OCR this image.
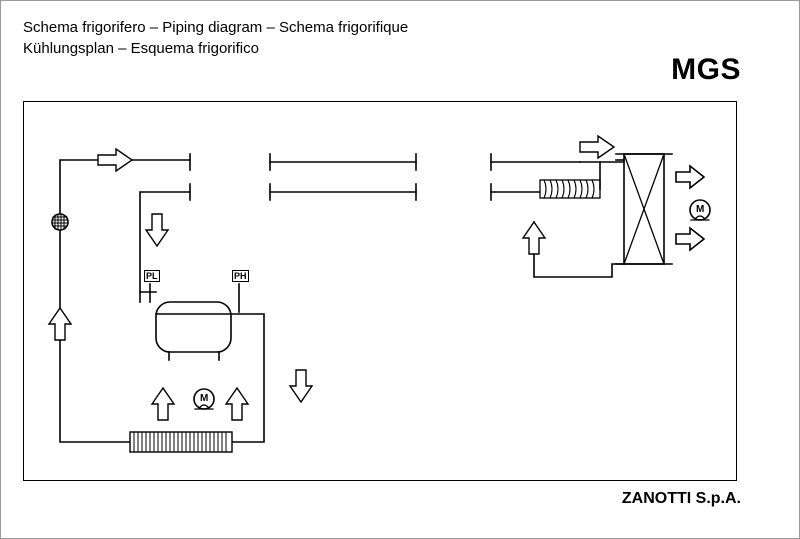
Schema frigorifero – Piping diagram – Schema frigorifique
Kühlungsplan – Esquema frigorifico
MGS
PL	PH
M
M
ZANOTTI S.p.A.
